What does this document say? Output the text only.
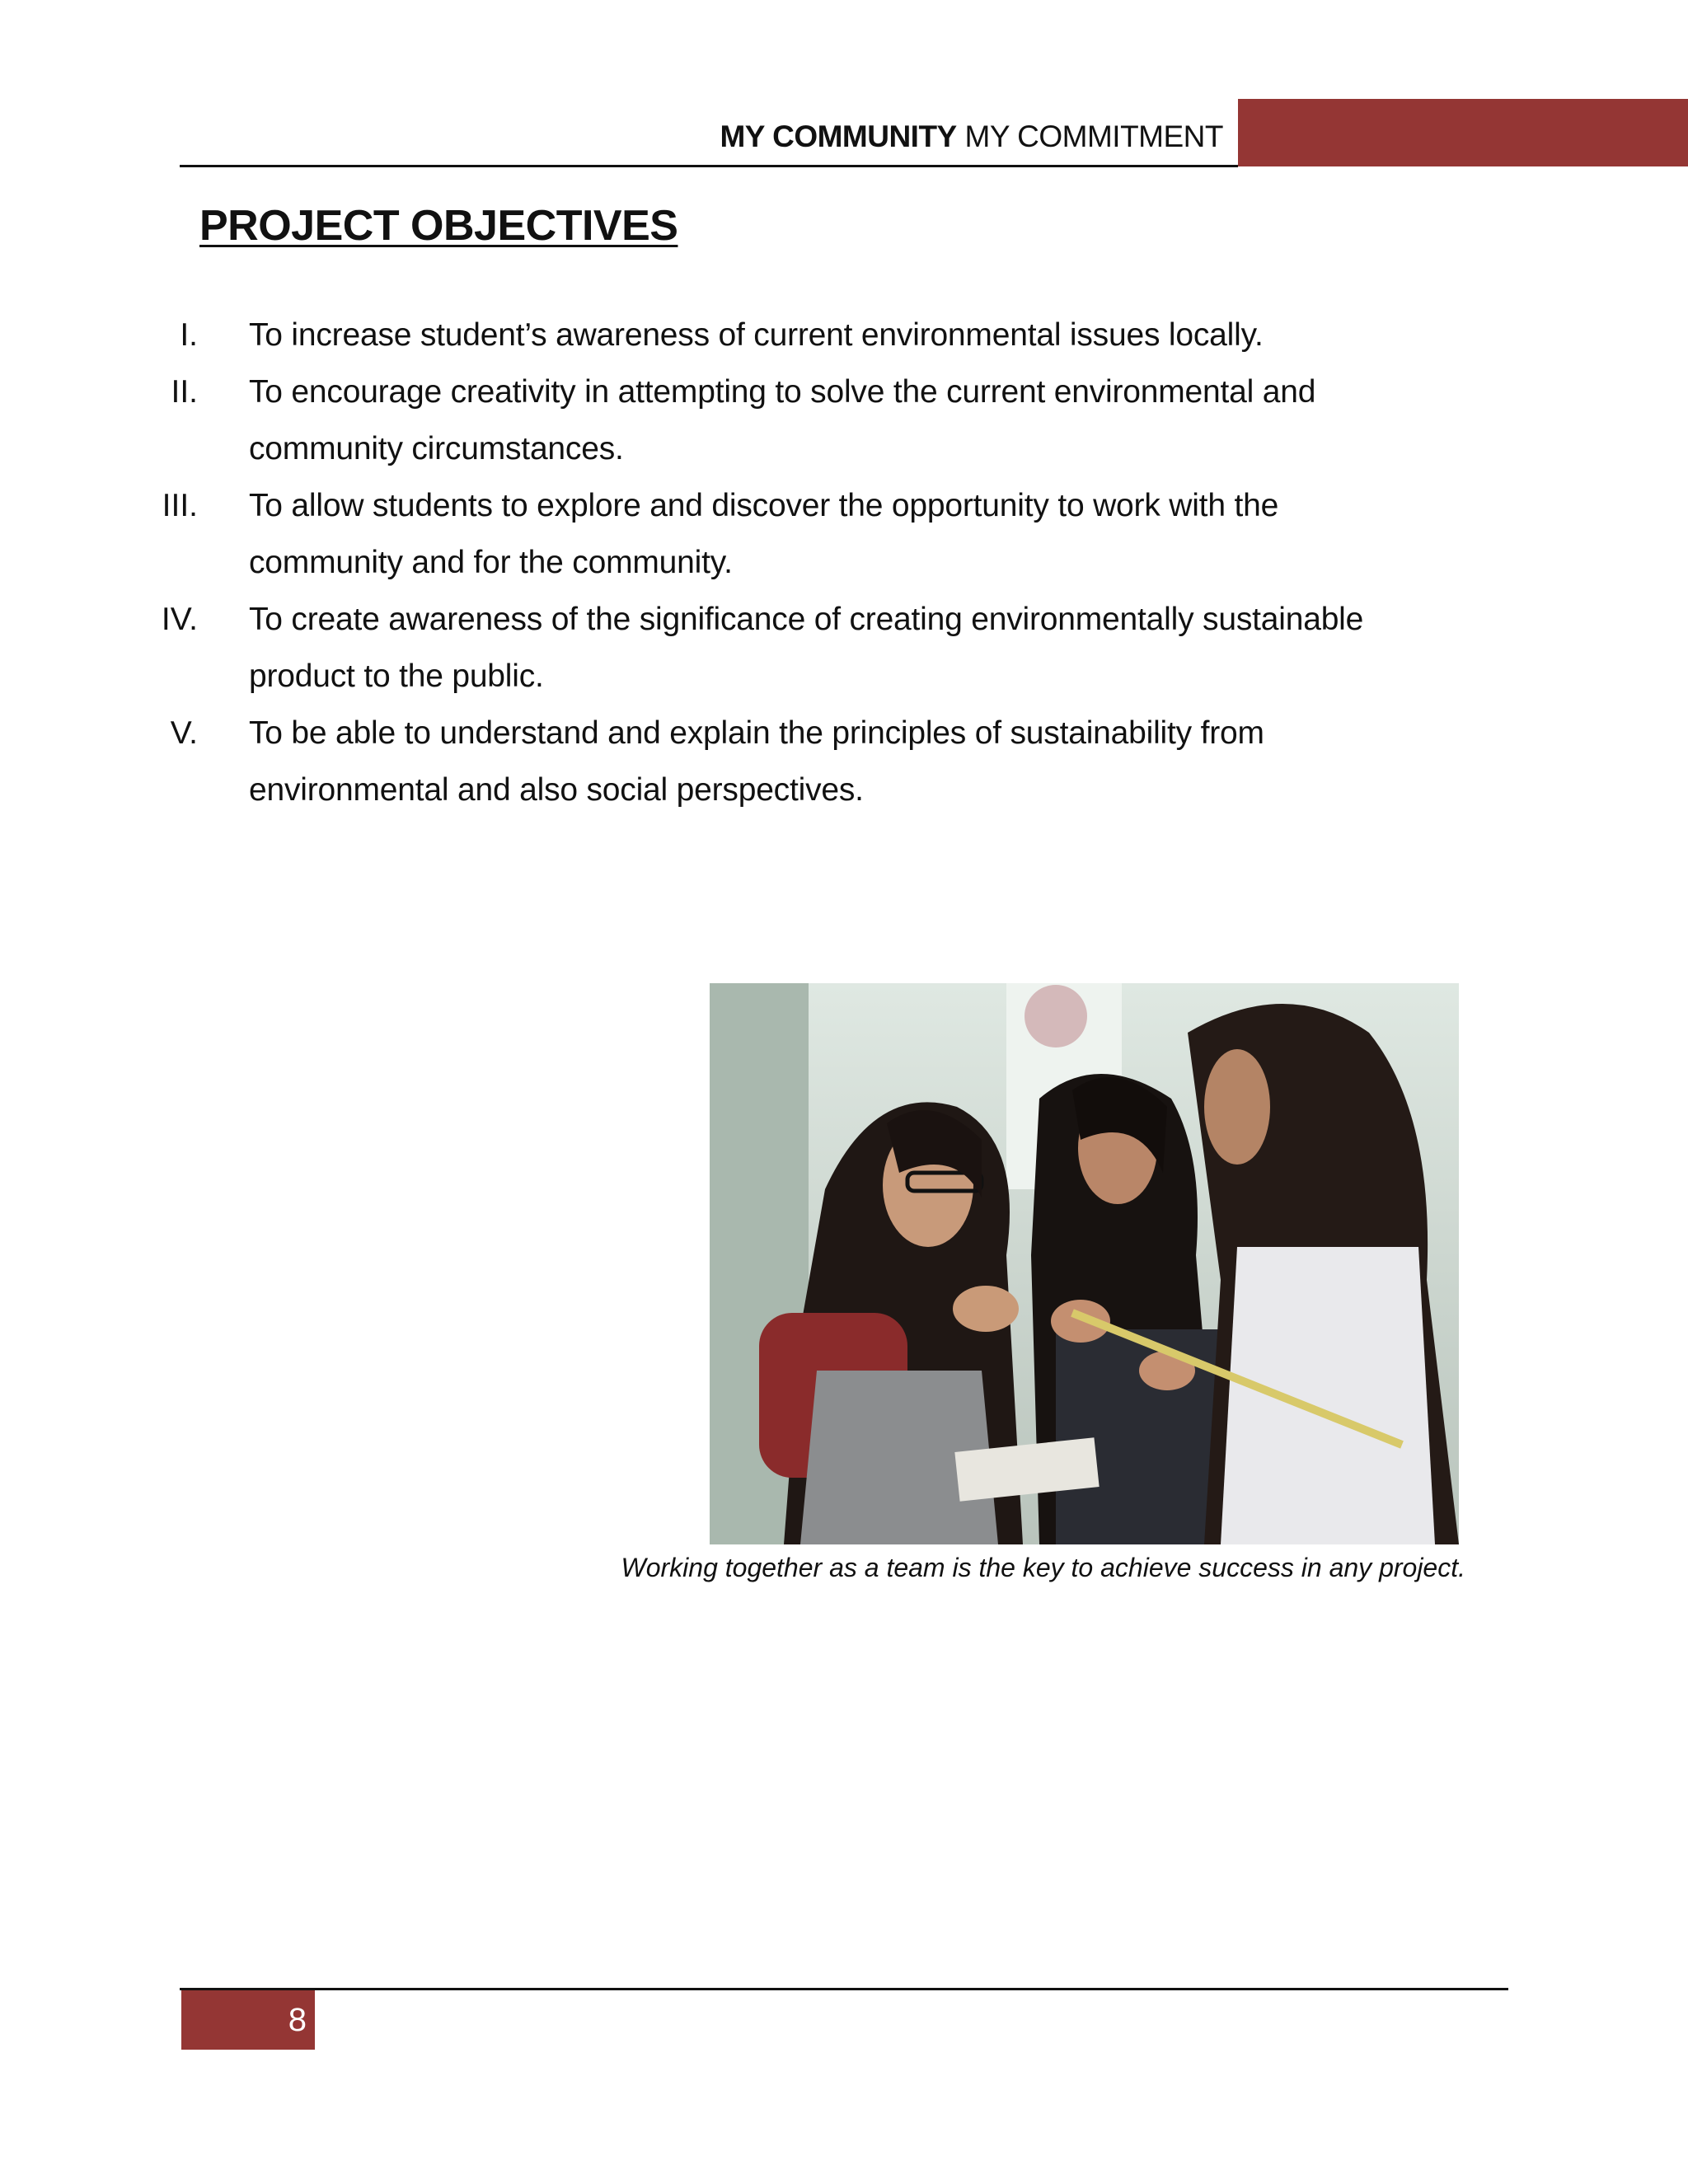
MY COMMUNITY MY COMMITMENT
PROJECT OBJECTIVES
I. To increase student’s awareness of current environmental issues locally.
II. To encourage creativity in attempting to solve the current environmental and community circumstances.
III. To allow students to explore and discover the opportunity to work with the community and for the community.
IV. To create awareness of the significance of creating environmentally sustainable product to the public.
V. To be able to understand and explain the principles of sustainability from environmental and also social perspectives.
Working together as a team is the key to achieve success in any project.
8
